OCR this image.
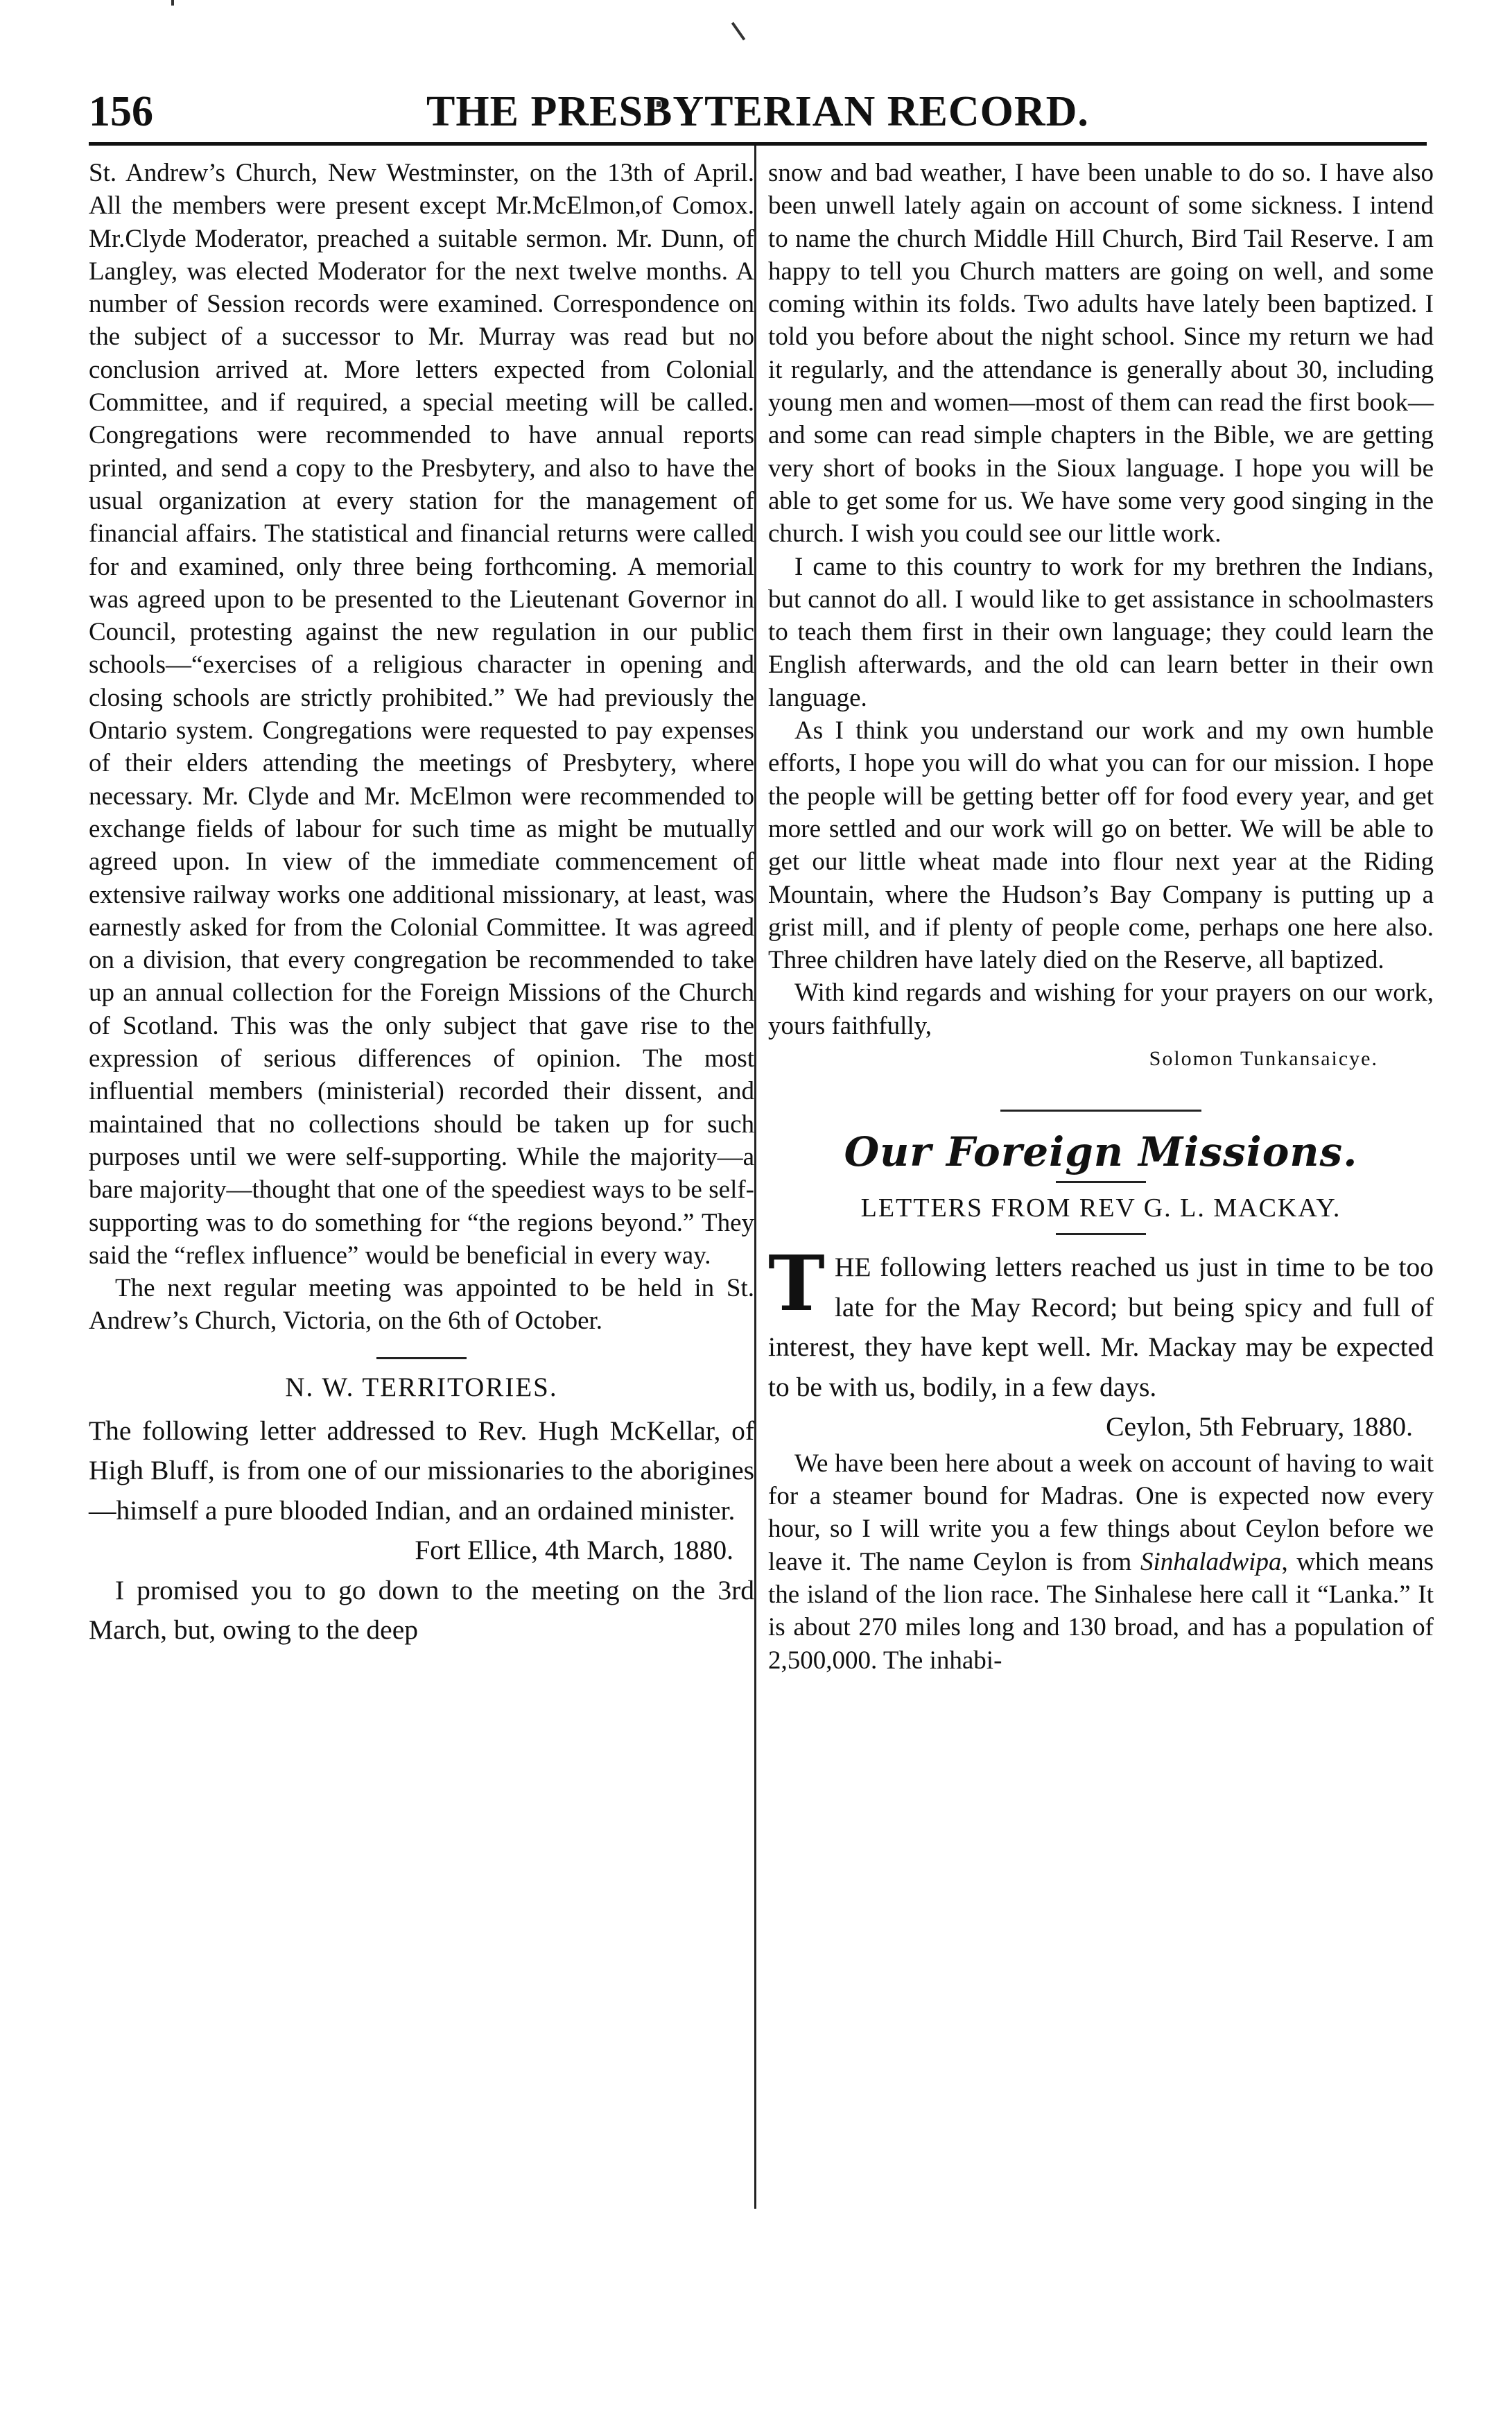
156	THE PRESBYTERIAN RECORD.

St. Andrew’s Church, New Westminster, on the 13th of April. All the members were present except Mr.McElmon,of Comox. Mr.Clyde Moderator, preached a suitable sermon. Mr. Dunn, of Langley, was elected Moderator for the next twelve months. A number of Session records were examined. Correspondence on the subject of a successor to Mr. Murray was read but no conclusion arrived at. More letters expected from Colonial Committee, and if required, a special meeting will be called. Congregations were recommended to have annual reports printed, and send a copy to the Presbytery, and also to have the usual organization at every station for the management of financial affairs. The statistical and financial returns were called for and examined, only three being forthcoming. A memorial was agreed upon to be presented to the Lieutenant Governor in Council, protesting against the new regulation in our public schools—“exercises of a religious character in opening and closing schools are strictly prohibited.” We had previously the Ontario system. Congregations were requested to pay expenses of their elders attending the meetings of Presbytery, where necessary. Mr. Clyde and Mr. McElmon were recommended to exchange fields of labour for such time as might be mutually agreed upon. In view of the immediate commencement of extensive railway works one additional missionary, at least, was earnestly asked for from the Colonial Committee. It was agreed on a division, that every congregation be recommended to take up an annual collection for the Foreign Missions of the Church of Scotland. This was the only subject that gave rise to the expression of serious differences of opinion. The most influential members (ministerial) recorded their dissent, and maintained that no collections should be taken up for such purposes until we were self-supporting. While the majority—a bare majority—thought that one of the speediest ways to be self-supporting was to do something for “the regions beyond.” They said the “reflex influence” would be beneficial in every way.

The next regular meeting was appointed to be held in St. Andrew’s Church, Victoria, on the 6th of October.

N. W. TERRITORIES.

The following letter addressed to Rev. Hugh McKellar, of High Bluff, is from one of our missionaries to the aborigines—himself a pure blooded Indian, and an ordained minister.

Fort Ellice, 4th March, 1880.

I promised you to go down to the meeting on the 3rd March, but, owing to the deep

snow and bad weather, I have been unable to do so. I have also been unwell lately again on account of some sickness. I intend to name the church Middle Hill Church, Bird Tail Reserve. I am happy to tell you Church matters are going on well, and some coming within its folds. Two adults have lately been baptized. I told you before about the night school. Since my return we had it regularly, and the attendance is generally about 30, including young men and women—most of them can read the first book—and some can read simple chapters in the Bible, we are getting very short of books in the Sioux language. I hope you will be able to get some for us. We have some very good singing in the church. I wish you could see our little work.

I came to this country to work for my brethren the Indians, but cannot do all. I would like to get assistance in schoolmasters to teach them first in their own language; they could learn the English afterwards, and the old can learn better in their own language.

As I think you understand our work and my own humble efforts, I hope you will do what you can for our mission. I hope the people will be getting better off for food every year, and get more settled and our work will go on better. We will be able to get our little wheat made into flour next year at the Riding Mountain, where the Hudson’s Bay Company is putting up a grist mill, and if plenty of people come, perhaps one here also. Three children have lately died on the Reserve, all baptized.

With kind regards and wishing for your prayers on our work, yours faithfully,

Solomon Tunkansaicye.

Our Foreign Missions.

LETTERS FROM REV G. L. MACKAY.

THE following letters reached us just in time to be too late for the May Record; but being spicy and full of interest, they have kept well. Mr. Mackay may be expected to be with us, bodily, in a few days.

Ceylon, 5th February, 1880.

We have been here about a week on account of having to wait for a steamer bound for Madras. One is expected now every hour, so I will write you a few things about Ceylon before we leave it. The name Ceylon is from Sinhaladwipa, which means the island of the lion race. The Sinhalese here call it “Lanka.” It is about 270 miles long and 130 broad, and has a population of 2,500,000. The inhabi-
